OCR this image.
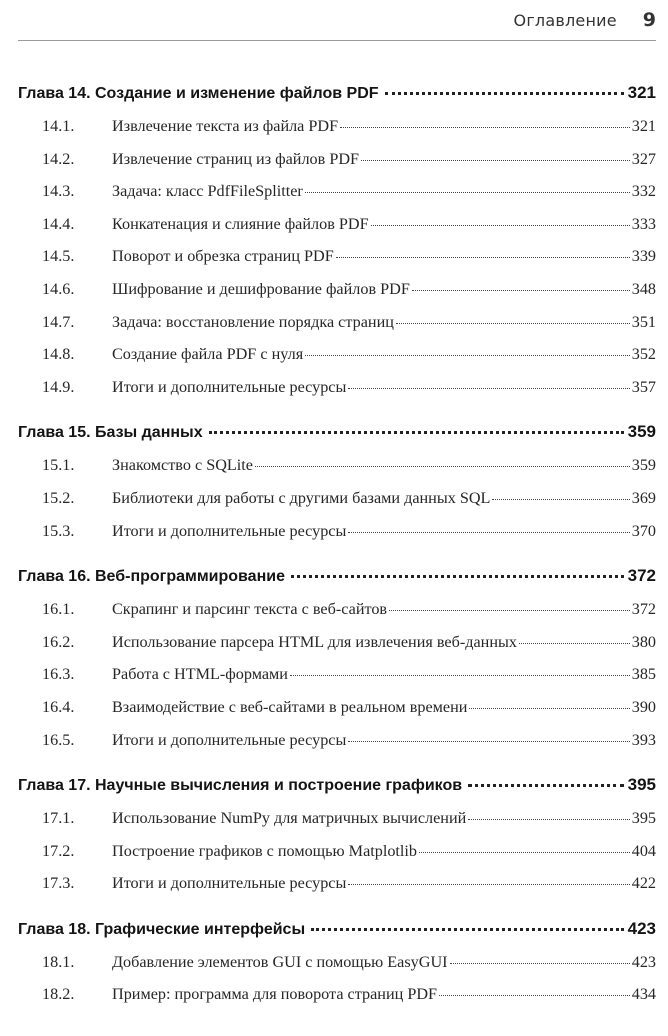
Оглавление 9
Глава 14. Создание и изменение файлов PDF	321
14.1. Извлечение текста из файла PDF	321
14.2. Извлечение страниц из файлов PDF	327
14.3. Задача: класс PdfFileSplitter	332
14.4. Конкатенация и слияние файлов PDF	333
14.5. Поворот и обрезка страниц PDF	339
14.6. Шифрование и дешифрование файлов PDF	348
14.7. Задача: восстановление порядка страниц	351
14.8. Создание файла PDF с нуля	352
14.9. Итоги и дополнительные ресурсы	357
Глава 15. Базы данных	359
15.1. Знакомство с SQLite	359
15.2. Библиотеки для работы с другими базами данных SQL	369
15.3. Итоги и дополнительные ресурсы	370
Глава 16. Веб-программирование	372
16.1. Скрапинг и парсинг текста с веб-сайтов	372
16.2. Использование парсера HTML для извлечения веб-данных	380
16.3. Работа с HTML-формами	385
16.4. Взаимодействие с веб-сайтами в реальном времени	390
16.5. Итоги и дополнительные ресурсы	393
Глава 17. Научные вычисления и построение графиков	395
17.1. Использование NumPy для матричных вычислений	395
17.2. Построение графиков с помощью Matplotlib	404
17.3. Итоги и дополнительные ресурсы	422
Глава 18. Графические интерфейсы	423
18.1. Добавление элементов GUI с помощью EasyGUI	423
18.2. Пример: программа для поворота страниц PDF	434
